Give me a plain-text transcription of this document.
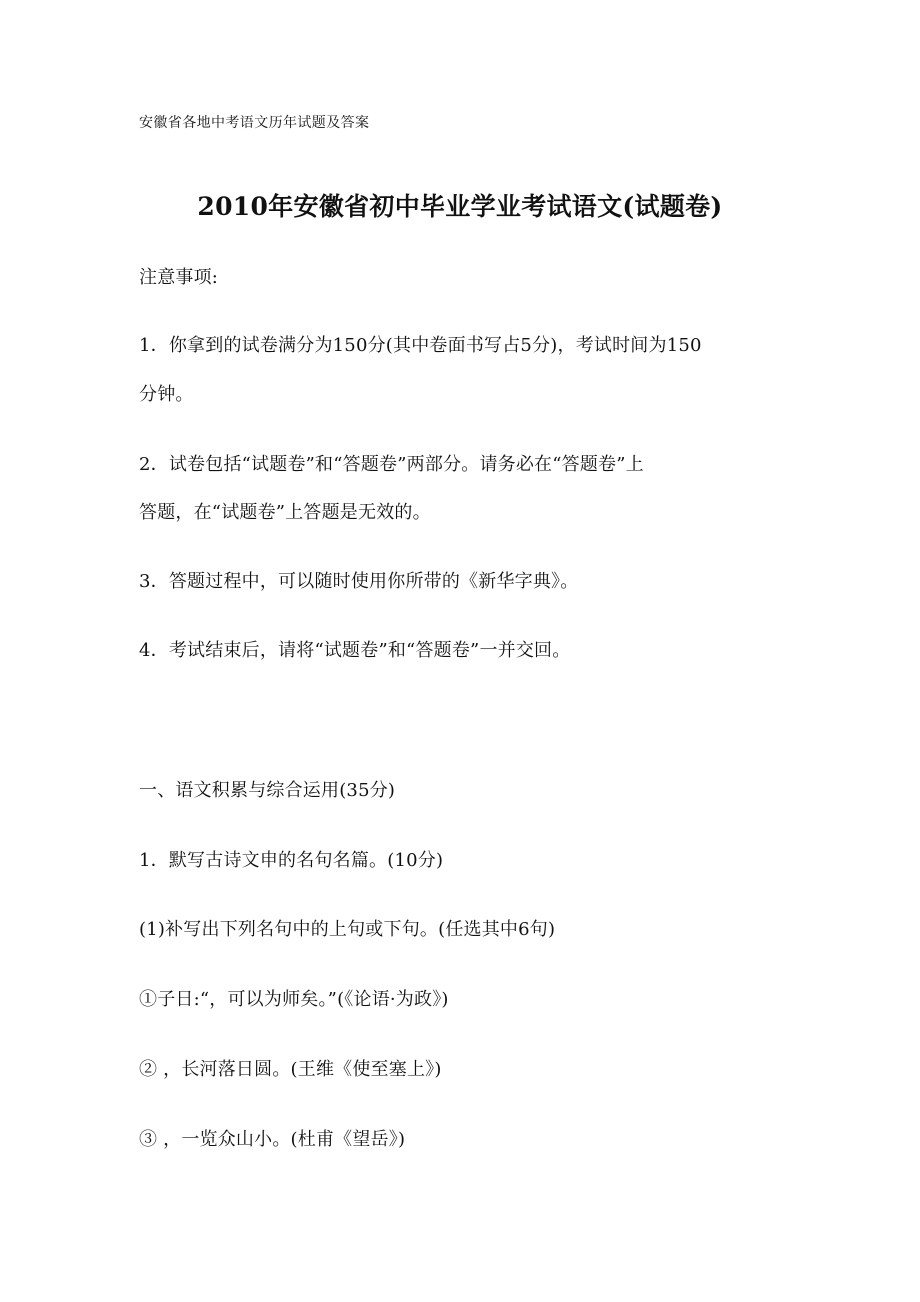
安徽省各地中考语文历年试题及答案
2010年安徽省初中毕业学业考试语文(试题卷)
注意事项:
1．你拿到的试卷满分为150分(其中卷面书写占5分)，考试时间为150
分钟。
2．试卷包括“试题卷”和“答题卷”两部分。请务必在“答题卷”上
答题，在“试题卷”上答题是无效的。
3．答题过程中，可以随时使用你所带的《新华字典》。
4．考试结束后，请将“试题卷”和“答题卷”一并交回。
一、语文积累与综合运用(35分)
1．默写古诗文申的名句名篇。(10分)
(1)补写出下列名句中的上句或下句。(任选其中6句)
①子日:“，可以为师矣。”(《论语·为政》)
② ，长河落日圆。(王维《使至塞上》)
③ ，一览众山小。(杜甫《望岳》)
